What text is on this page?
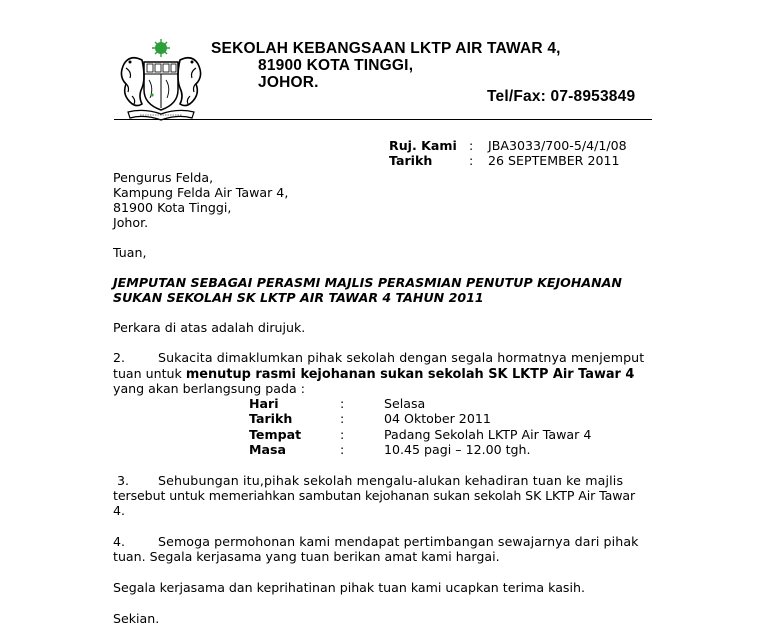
SEKOLAH KEBANGSAAN LKTP AIR TAWAR 4,
81900 KOTA TINGGI,
JOHOR.
Tel/Fax: 07-8953849
Ruj. Kami : JBA3033/700-5/4/1/08
Tarikh	: 26 SEPTEMBER 2011
Pengurus Felda,
Kampung Felda Air Tawar 4,
81900 Kota Tinggi,
Johor.
Tuan,
JEMPUTAN SEBAGAI PERASMI MAJLIS PERASMIAN PENUTUP KEJOHANAN
SUKAN SEKOLAH SK LKTP AIR TAWAR 4 TAHUN 2011
Perkara di atas adalah dirujuk.
2.	Sukacita dimaklumkan pihak sekolah dengan segala hormatnya menjemput
tuan untuk menutup rasmi kejohanan sukan sekolah SK LKTP Air Tawar 4
yang akan berlangsung pada :
Hari	:	Selasa
Tarikh	:	04 Oktober 2011
Tempat	:	Padang Sekolah LKTP Air Tawar 4
Masa	:	10.45 pagi – 12.00 tgh.
3. Sehubungan itu,pihak sekolah mengalu-alukan kehadiran tuan ke majlis
tersebut untuk memeriahkan sambutan kejohanan sukan sekolah SK LKTP Air Tawar
4.
4.	Semoga permohonan kami mendapat pertimbangan sewajarnya dari pihak
tuan. Segala kerjasama yang tuan berikan amat kami hargai.
Segala kerjasama dan keprihatinan pihak tuan kami ucapkan terima kasih.
Sekian.
